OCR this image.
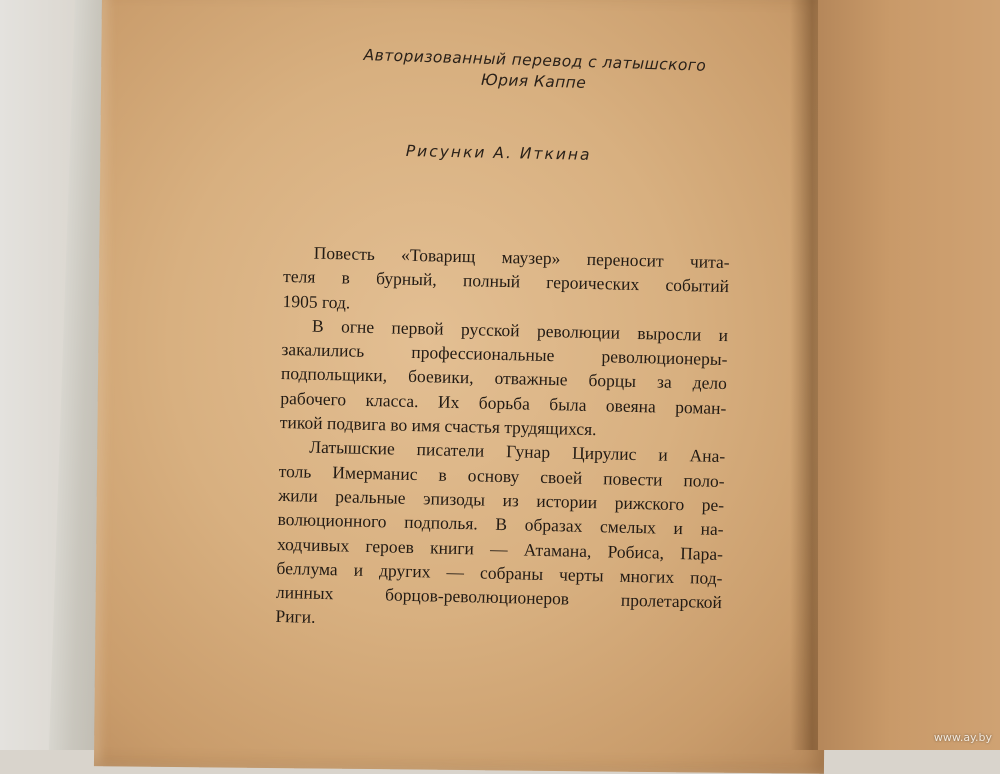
Авторизованный перевод с латышского
Юрия Каппе
Рисунки А. Иткина
Повесть «Товарищ маузер» переносит чита-
теля в бурный, полный героических событий
1905 год.
В огне первой русской революции выросли и
закалились профессиональные революционеры-
подпольщики, боевики, отважные борцы за дело
рабочего класса. Их борьба была овеяна роман-
тикой подвига во имя счастья трудящихся.
Латышские писатели Гунар Цирулис и Ана-
толь Имерманис в основу своей повести поло-
жили реальные эпизоды из истории рижского ре-
волюционного подполья. В образах смелых и на-
ходчивых героев книги — Атамана, Робиса, Пара-
беллума и других — собраны черты многих под-
линных борцов-революционеров пролетарской
Риги.
www.ay.by
